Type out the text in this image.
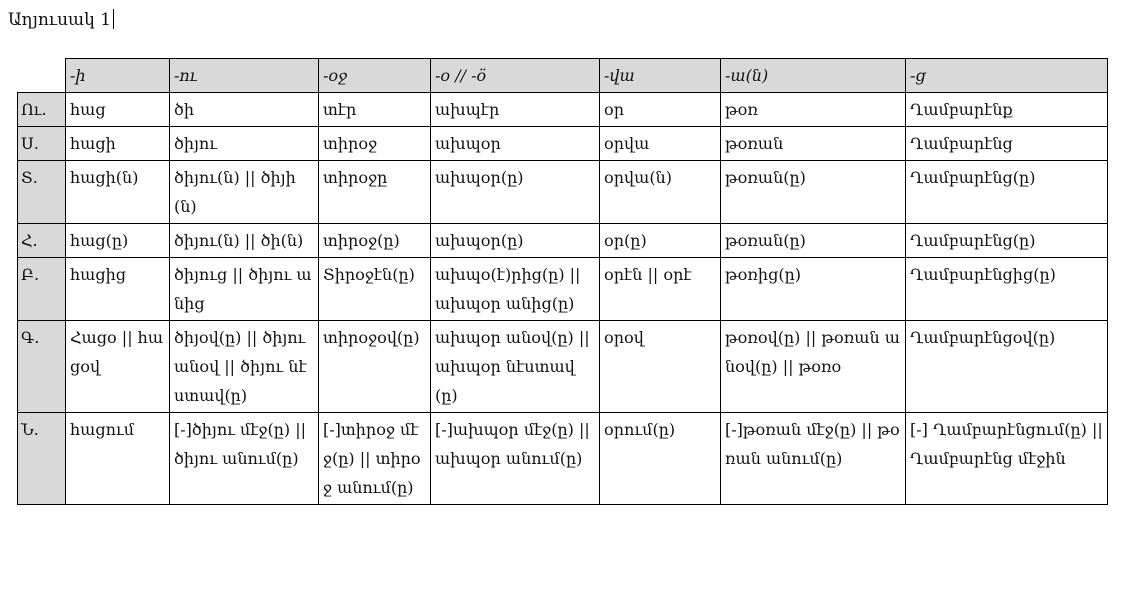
Աղյուսակ 1
	-ի	-ու	-օջ	-օ // -ö	-վա	-ա(ն)	-ց
Ու.	հաց	ծի	տէր	ախպէր	օր	թօռ	Ղամբարէնք
Ս.	հացի	ծիյու	տիրօջ	ախպօր	օրվա	թօռան	Ղամբարէնց
Տ.	հացի(ն)	ծիյու(ն) || ծիյի(ն)	տիրօջը	ախպօր(ը)	օրվա(ն)	թօռան(ը)	Ղամբարէնց(ը)
Հ.	հաց(ը)	ծիյու(ն) || ծի(ն)	տիրօջ(ը)	ախպօր(ը)	օր(ը)	թօռան(ը)	Ղամբարէնց(ը)
Բ.	հացից	ծիյուց || ծիյու անից	Տիրօջէն(ը)	ախպօ(է)րից(ը) || ախպօր անից(ը)	օրէն || օրէ	թօռից(ը)	Ղամբարէնցից(ը)
Գ.	Հացօ || հացօվ	ծիյօվ(ը) || ծիյու անօվ || ծիյու նէստավ(ը)	տիրօջօվ(ը)	ախպօր անօվ(ը) || ախպօր նէստավ(ը)	օրօվ	թօռօվ(ը) || թօռան անօվ(ը) || թօռօ	Ղամբարէնցօվ(ը)
Ն.	հացում	[-]ծիյու մէջ(ը) || ծիյու անում(ը)	[-]տիրօջ մէջ(ը) || տիրօջ անում(ը)	[-]ախպօր մէջ(ը) || ախպօր անում(ը)	օրում(ը)	[-]թօռան մէջ(ը) || թօռան անում(ը)	[-] Ղամբարէնցում(ը) || Ղամբարէնց մէջին
